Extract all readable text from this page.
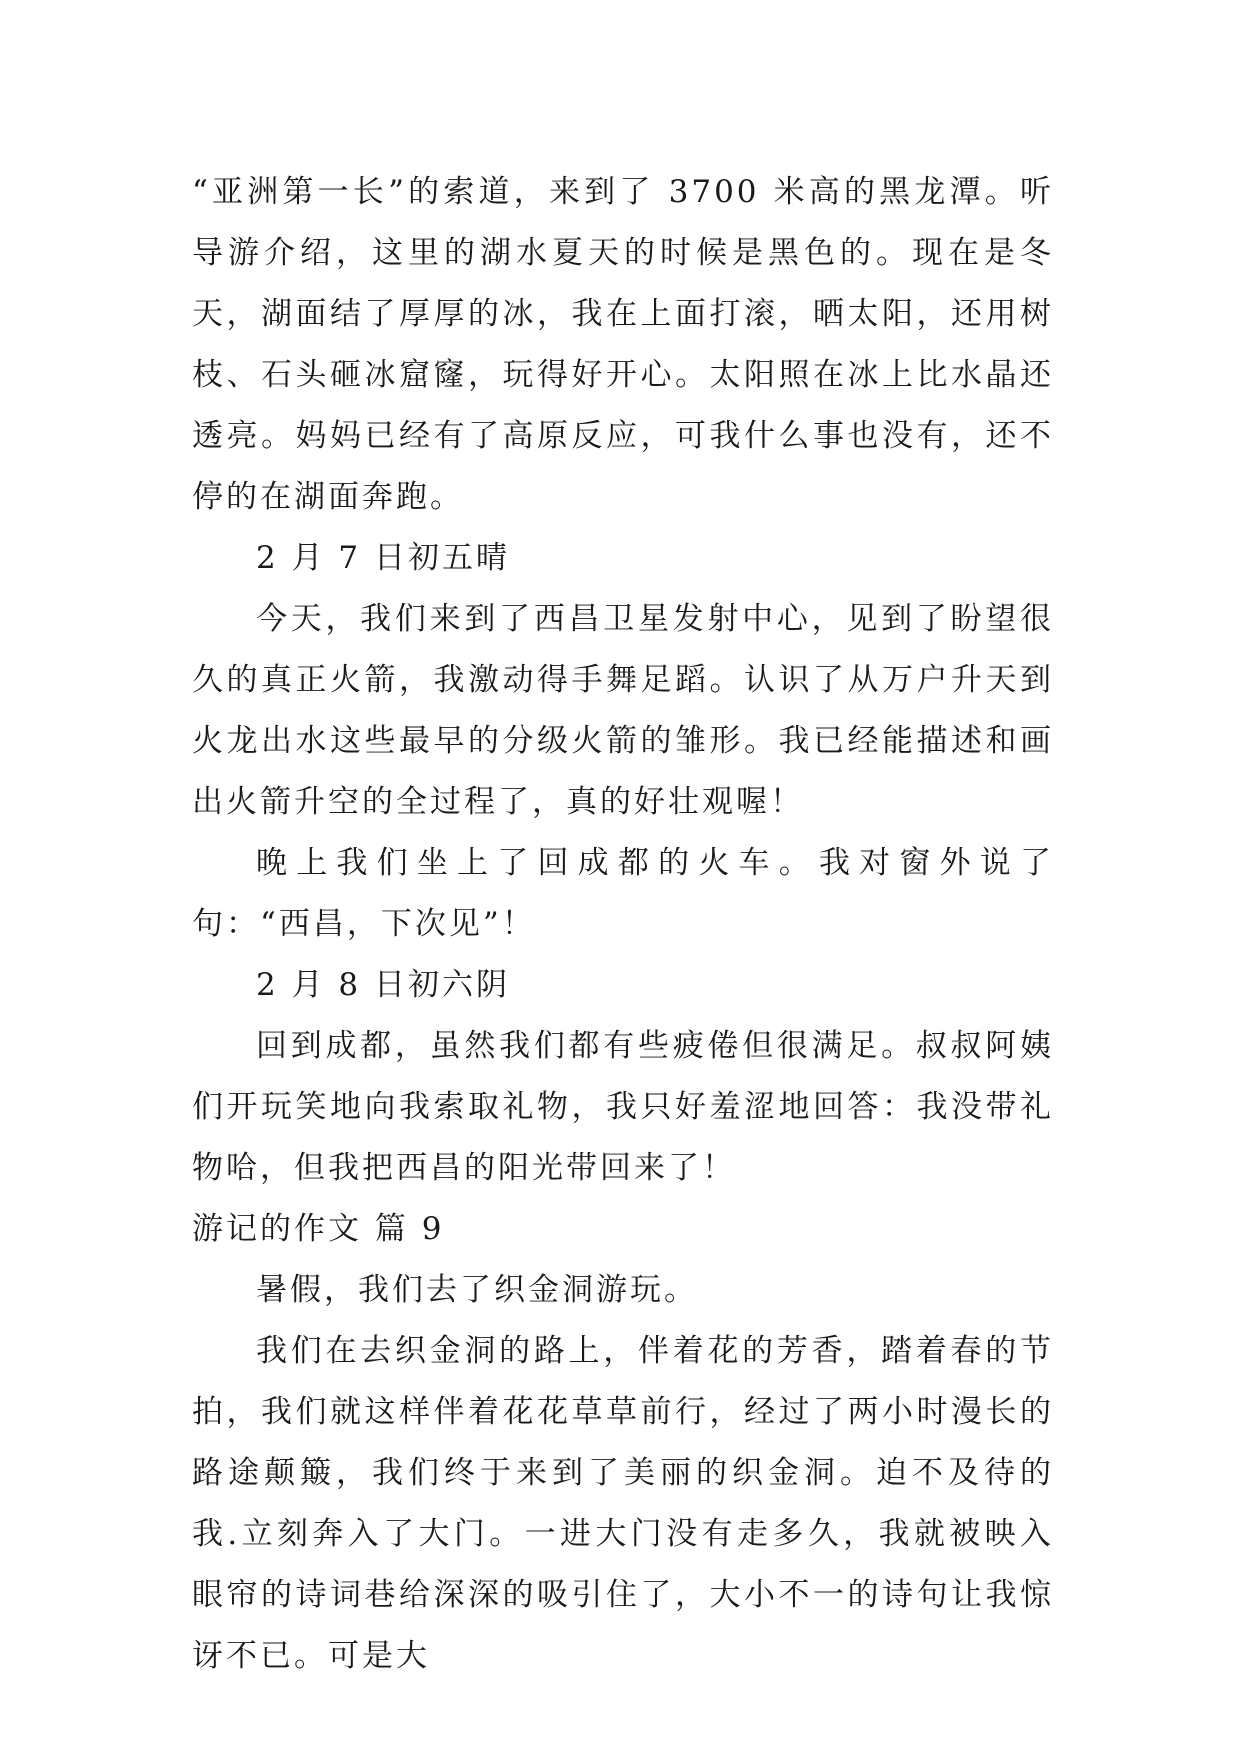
“亚洲第一长”的索道，来到了 3700 米高的黑龙潭。听导游介绍，这里的湖水夏天的时候是黑色的。现在是冬天，湖面结了厚厚的冰，我在上面打滚，晒太阳，还用树枝、石头砸冰窟窿，玩得好开心。太阳照在冰上比水晶还透亮。妈妈已经有了高原反应，可我什么事也没有，还不停的在湖面奔跑。

2 月 7 日初五晴

今天，我们来到了西昌卫星发射中心，见到了盼望很久的真正火箭，我激动得手舞足蹈。认识了从万户升天到火龙出水这些最早的分级火箭的雏形。我已经能描述和画出火箭升空的全过程了，真的好壮观喔！

晚上我们坐上了回成都的火车。我对窗外说了句：“西昌，下次见”！

2 月 8 日初六阴

回到成都，虽然我们都有些疲倦但很满足。叔叔阿姨们开玩笑地向我索取礼物，我只好羞涩地回答：我没带礼物哈，但我把西昌的阳光带回来了！

游记的作文 篇 9

暑假，我们去了织金洞游玩。

我们在去织金洞的路上，伴着花的芳香，踏着春的节拍，我们就这样伴着花花草草前行，经过了两小时漫长的路途颠簸，我们终于来到了美丽的织金洞。迫不及待的我.立刻奔入了大门。一进大门没有走多久，我就被映入眼帘的诗词巷给深深的吸引住了，大小不一的诗句让我惊讶不已。可是大
